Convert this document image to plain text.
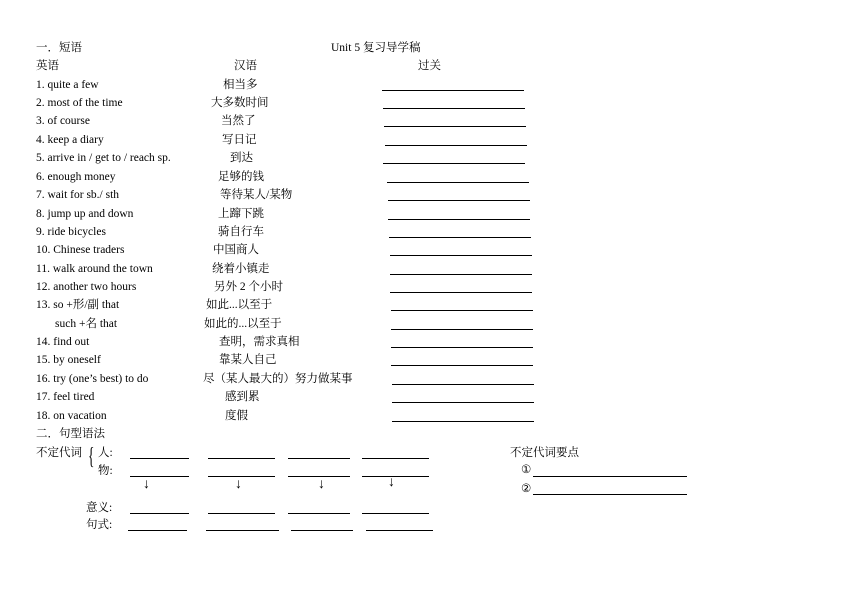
一．短语	Unit 5 复习导学稿
英语	汉语	过关
1. quite a few	相当多
2. most of the time	大多数时间
3. of course	当然了
4. keep a diary	写日记
5. arrive in / get to / reach sp.	到达
6. enough money	足够的钱
7. wait for sb./ sth	等待某人/某物
8. jump up and down	上蹿下跳
9. ride bicycles	骑自行车
10. Chinese traders	中国商人
11. walk around the town	绕着小镇走
12. another two hours	另外 2 个小时
13. so +形/副 that	如此...以至于
such +名 that	如此的...以至于
14. find out	查明，需求真相
15. by oneself	靠某人自己
16. try (one’s best) to do	尽（某人最大的）努力做某事
17. feel tired	感到累
18. on vacation	度假
二．句型语法
不定代词 { 人:
物:
↓	↓	↓	↓
意义:
句式:
不定代词要点
①
②
